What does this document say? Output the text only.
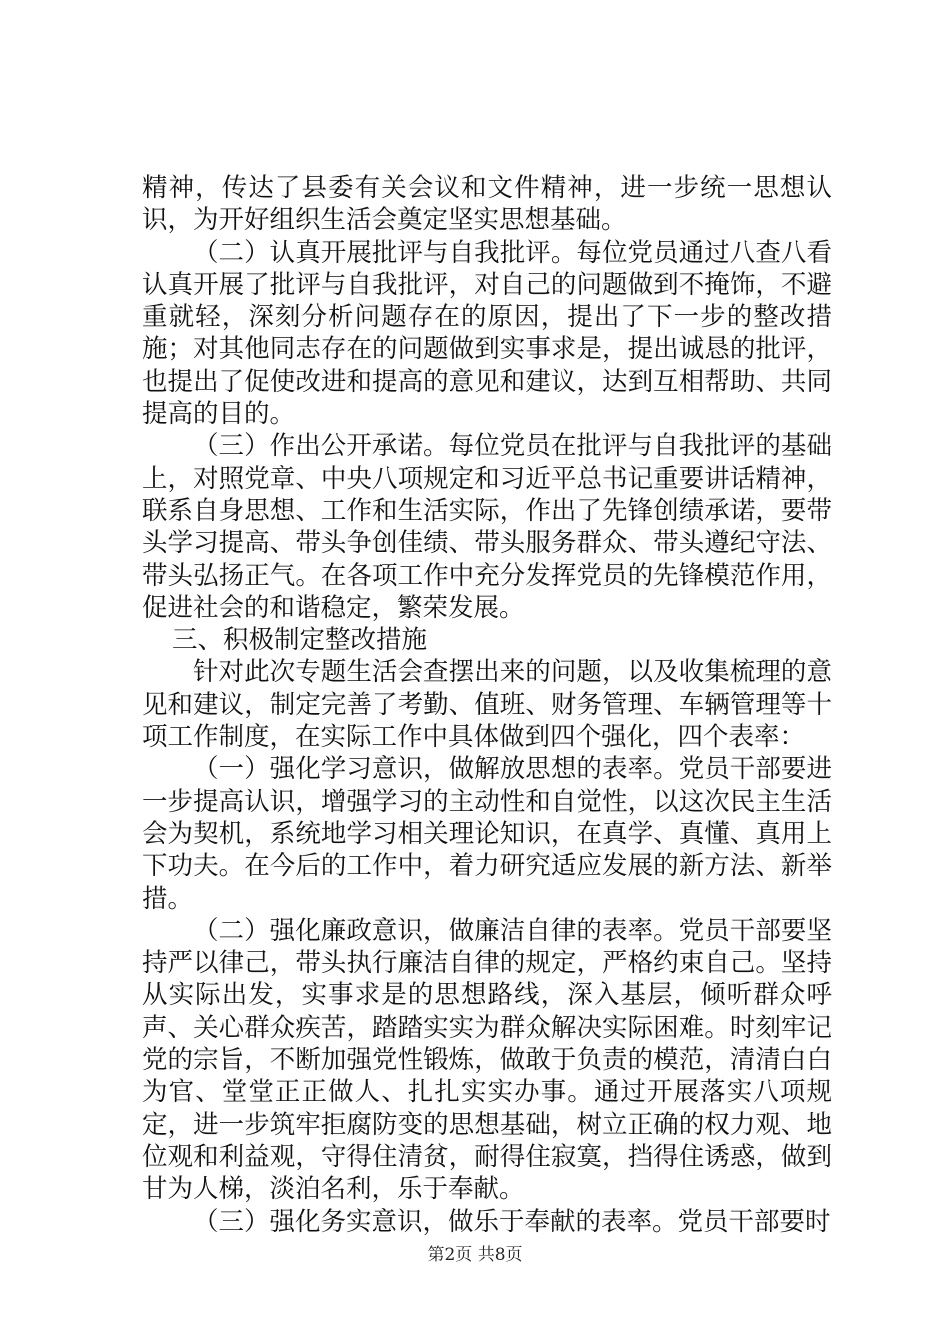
精神，传达了县委有关会议和文件精神，进一步统一思想认识，为开好组织生活会奠定坚实思想基础。

（二）认真开展批评与自我批评。每位党员通过八查八看认真开展了批评与自我批评，对自己的问题做到不掩饰，不避重就轻，深刻分析问题存在的原因，提出了下一步的整改措施；对其他同志存在的问题做到实事求是，提出诚恳的批评，也提出了促使改进和提高的意见和建议，达到互相帮助、共同提高的目的。

（三）作出公开承诺。每位党员在批评与自我批评的基础上，对照党章、中央八项规定和习近平总书记重要讲话精神，联系自身思想、工作和生活实际，作出了先锋创绩承诺，要带头学习提高、带头争创佳绩、带头服务群众、带头遵纪守法、带头弘扬正气。在各项工作中充分发挥党员的先锋模范作用，促进社会的和谐稳定，繁荣发展。

三、积极制定整改措施

针对此次专题生活会查摆出来的问题，以及收集梳理的意见和建议，制定完善了考勤、值班、财务管理、车辆管理等十项工作制度，在实际工作中具体做到四个强化，四个表率：

（一）强化学习意识，做解放思想的表率。党员干部要进一步提高认识，增强学习的主动性和自觉性，以这次民主生活会为契机，系统地学习相关理论知识，在真学、真懂、真用上下功夫。在今后的工作中，着力研究适应发展的新方法、新举措。

（二）强化廉政意识，做廉洁自律的表率。党员干部要坚持严以律己，带头执行廉洁自律的规定，严格约束自己。坚持从实际出发，实事求是的思想路线，深入基层，倾听群众呼声、关心群众疾苦，踏踏实实为群众解决实际困难。时刻牢记党的宗旨，不断加强党性锻炼，做敢于负责的模范，清清白白为官、堂堂正正做人、扎扎实实办事。通过开展落实八项规定，进一步筑牢拒腐防变的思想基础，树立正确的权力观、地位观和利益观，守得住清贫，耐得住寂寞，挡得住诱惑，做到甘为人梯，淡泊名利，乐于奉献。

（三）强化务实意识，做乐于奉献的表率。党员干部要时

第2页 共8页
